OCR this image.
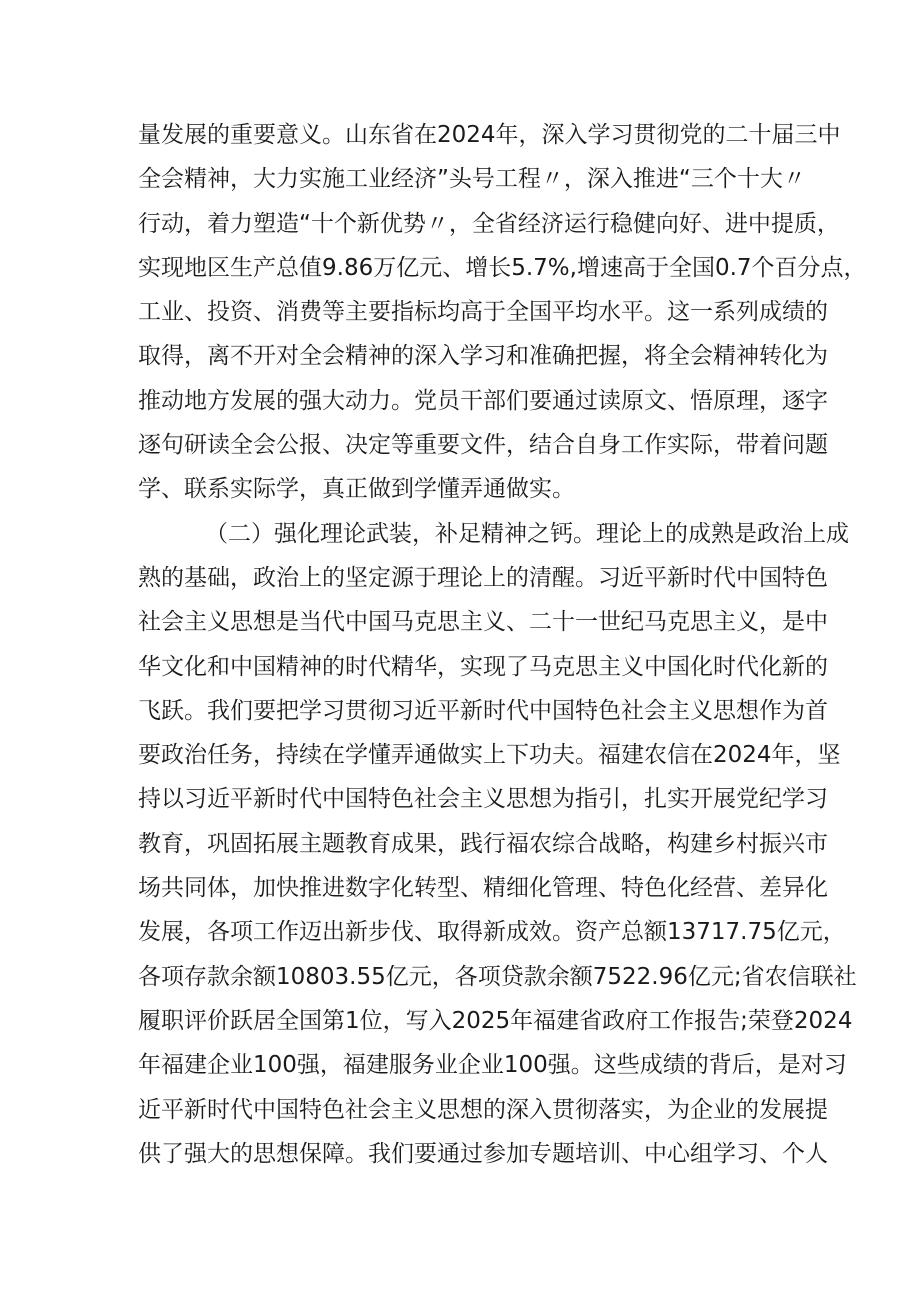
量发展的重要意义。山东省在2024年，深入学习贯彻党的二十届三中
全会精神，大力实施工业经济”头号工程〃，深入推进“三个十大〃
行动，着力塑造“十个新优势〃，全省经济运行稳健向好、进中提质，
实现地区生产总值9.86万亿元、增长5.7%,增速高于全国0.7个百分点，
工业、投资、消费等主要指标均高于全国平均水平。这一系列成绩的
取得，离不开对全会精神的深入学习和准确把握，将全会精神转化为
推动地方发展的强大动力。党员干部们要通过读原文、悟原理，逐字
逐句研读全会公报、决定等重要文件，结合自身工作实际，带着问题
学、联系实际学，真正做到学懂弄通做实。
（二）强化理论武装，补足精神之钙。理论上的成熟是政治上成
熟的基础，政治上的坚定源于理论上的清醒。习近平新时代中国特色
社会主义思想是当代中国马克思主义、二十一世纪马克思主义，是中
华文化和中国精神的时代精华，实现了马克思主义中国化时代化新的
飞跃。我们要把学习贯彻习近平新时代中国特色社会主义思想作为首
要政治任务，持续在学懂弄通做实上下功夫。福建农信在2024年，坚
持以习近平新时代中国特色社会主义思想为指引，扎实开展党纪学习
教育，巩固拓展主题教育成果，践行福农综合战略，构建乡村振兴市
场共同体，加快推进数字化转型、精细化管理、特色化经营、差异化
发展，各项工作迈出新步伐、取得新成效。资产总额13717.75亿元，
各项存款余额10803.55亿元，各项贷款余额7522.96亿元;省农信联社
履职评价跃居全国第1位，写入2025年福建省政府工作报告;荣登2024
年福建企业100强，福建服务业企业100强。这些成绩的背后，是对习
近平新时代中国特色社会主义思想的深入贯彻落实，为企业的发展提
供了强大的思想保障。我们要通过参加专题培训、中心组学习、个人
